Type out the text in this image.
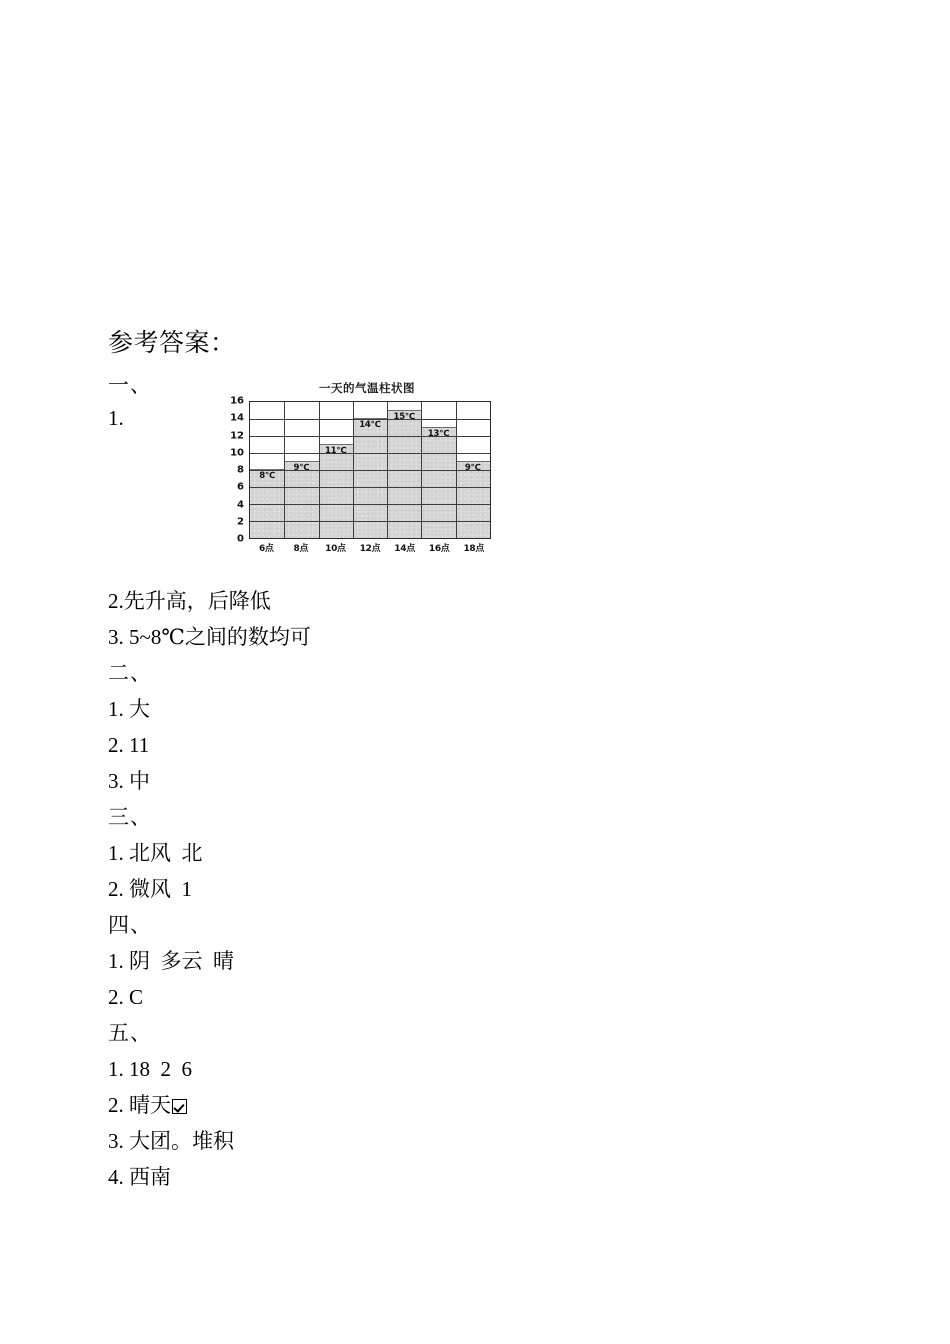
参考答案：
一、
1.
一天的气温柱状图
16
14
12
10
8
6
4
2
0
8℃
9℃
11℃
14℃
15℃
13℃
9℃
6点	8点	10点	12点	14点	16点	18点
2.先升高，后降低
3. 5~8℃之间的数均可
二、
1. 大
2. 11
3. 中
三、
1. 北风  北
2. 微风  1
四、
1. 阴  多云  晴
2. C
五、
1. 18  2  6
2. 晴天
3. 大团。堆积
4. 西南
